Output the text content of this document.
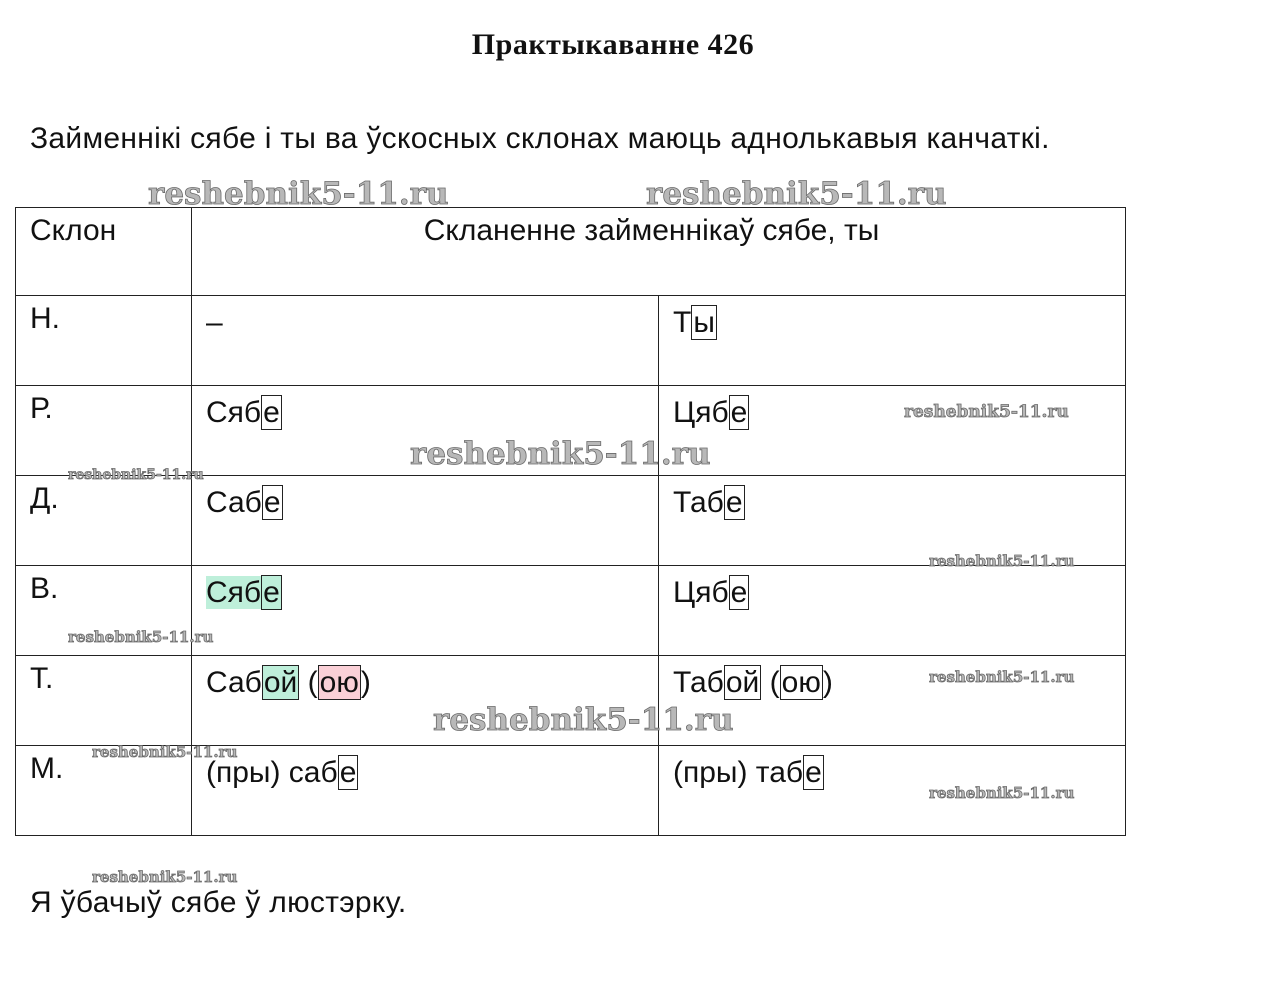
Практыкаванне 426
Займеннікі сябе і ты ва ўскосных склонах маюць аднолькавыя канчаткі.
Склон	Скланенне займеннікаў сябе, ты	
Н.	–	Ты
Р.	Сябе	Цябе
Д.	Сабе	Табе
В.	Сябе	Цябе
Т.	Сабой (ою)	Табой (ою)
М.	(пры) сабе	(пры) табе
Я ўбачыў сябе ў люстэрку.
reshebnik5-11.ru	reshebnik5-11.ru
reshebnik5-11.ru
reshebnik5-11.ru
reshebnik5-11.ru
reshebnik5-11.ru
reshebnik5-11.ru
reshebnik5-11.ru
reshebnik5-11.ru
reshebnik5-11.ru
reshebnik5-11.ru
reshebnik5-11.ru
